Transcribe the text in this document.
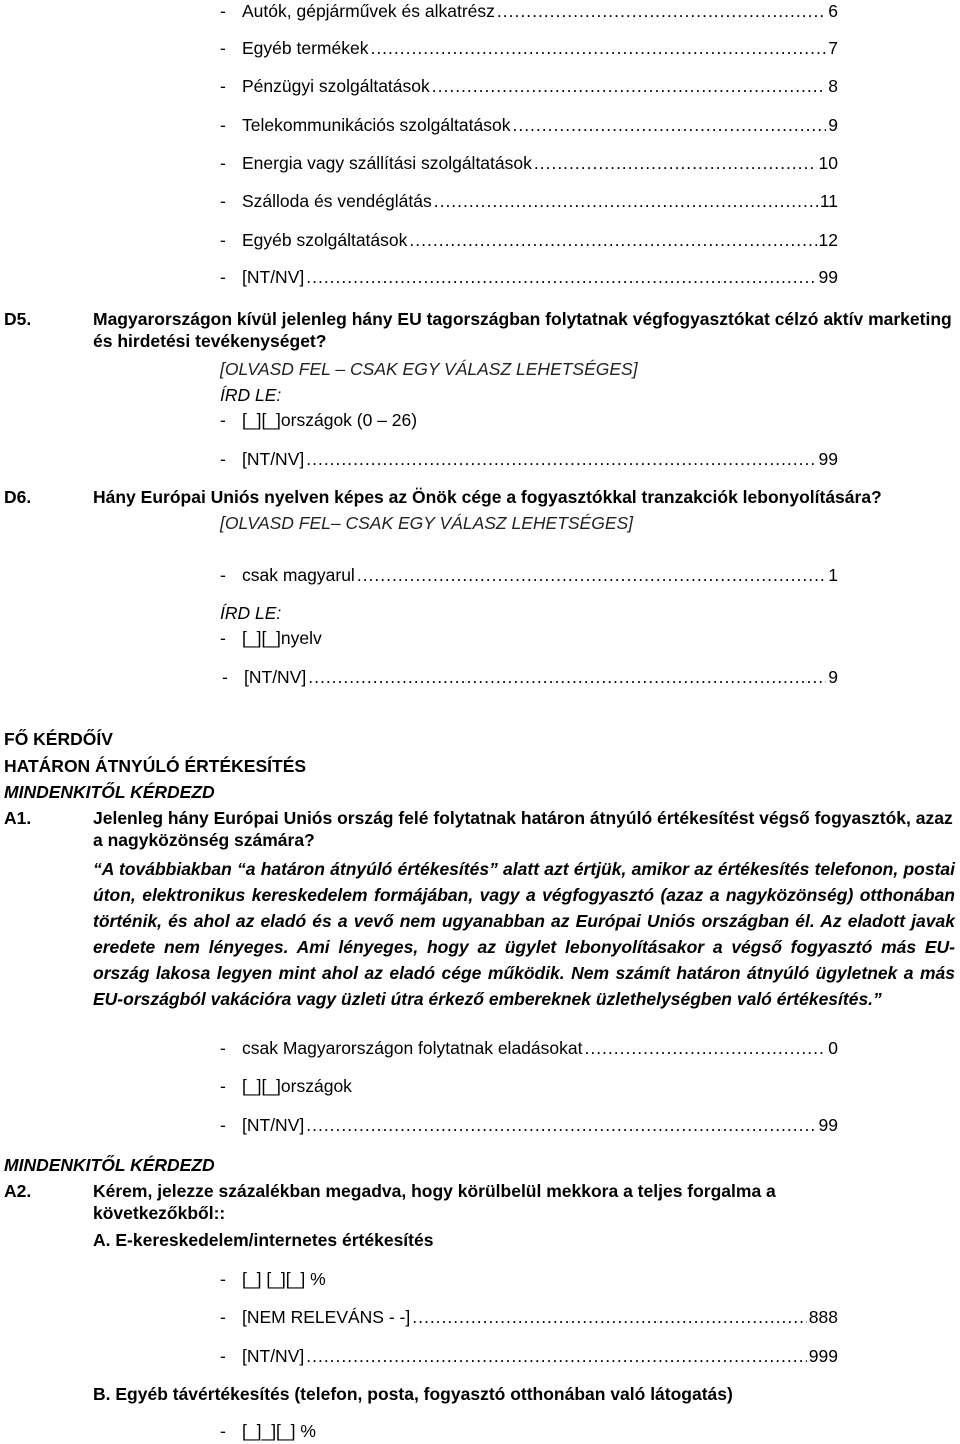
- Autók, gépjárművek és alkatrész .....	6
- Egyéb termékek .....	7
- Pénzügyi szolgáltatások .....	8
- Telekommunikációs szolgáltatások .....	9
- Energia vagy szállítási szolgáltatások .....	10
- Szálloda és vendéglátás .....	11
- Egyéb szolgáltatások .....	12
- [NT/NV] .....	99
D5.	Magyarországon kívül jelenleg hány EU tagországban folytatnak végfogyasztókat célzó aktív marketing és hirdetési tevékenységet?
[OLVASD FEL – CSAK EGY VÁLASZ LEHETSÉGES]
ÍRD LE:
- [_][_]országok (0 – 26)
- [NT/NV] .....	99
D6.	Hány Európai Uniós nyelven képes az Önök cége a fogyasztókkal tranzakciók lebonyolítására?
[OLVASD FEL– CSAK EGY VÁLASZ LEHETSÉGES]
- csak magyarul .....	1
ÍRD LE:
- [_][_]nyelv
- [NT/NV] .....	9
FŐ KÉRDŐÍV
HATÁRON ÁTNYÚLÓ ÉRTÉKESÍTÉS
MINDENKITŐL KÉRDEZD
A1.	Jelenleg hány Európai Uniós ország felé folytatnak határon átnyúló értékesítést végső fogyasztók, azaz a nagyközönség számára?
“A továbbiakban “a határon átnyúló értékesítés” alatt azt értjük, amikor az értékesítés telefonon, postai úton, elektronikus kereskedelem formájában, vagy a végfogyasztó (azaz a nagyközönség) otthonában történik, és ahol az eladó és a vevő nem ugyanabban az Európai Uniós országban él. Az eladott javak eredete nem lényeges. Ami lényeges, hogy az ügylet lebonyolításakor a végső fogyasztó más EU-ország lakosa legyen mint ahol az eladó cége működik. Nem számít határon átnyúló ügyletnek a más EU-országból vakációra vagy üzleti útra érkező embereknek üzlethelységben való értékesítés.”
- csak Magyarországon folytatnak eladásokat .....	0
- [_][_]országok
- [NT/NV] .....	99
MINDENKITŐL KÉRDEZD
A2.	Kérem, jelezze százalékban megadva, hogy körülbelül mekkora a teljes forgalma a következőkből::
A. E-kereskedelem/internetes értékesítés
- [_] [_][_] %
- [NEM RELEVÁNS - -] .....	888
- [NT/NV] .....	999
B. Egyéb távértékesítés (telefon, posta, fogyasztó otthonában való látogatás)
- [_]_][_] %
